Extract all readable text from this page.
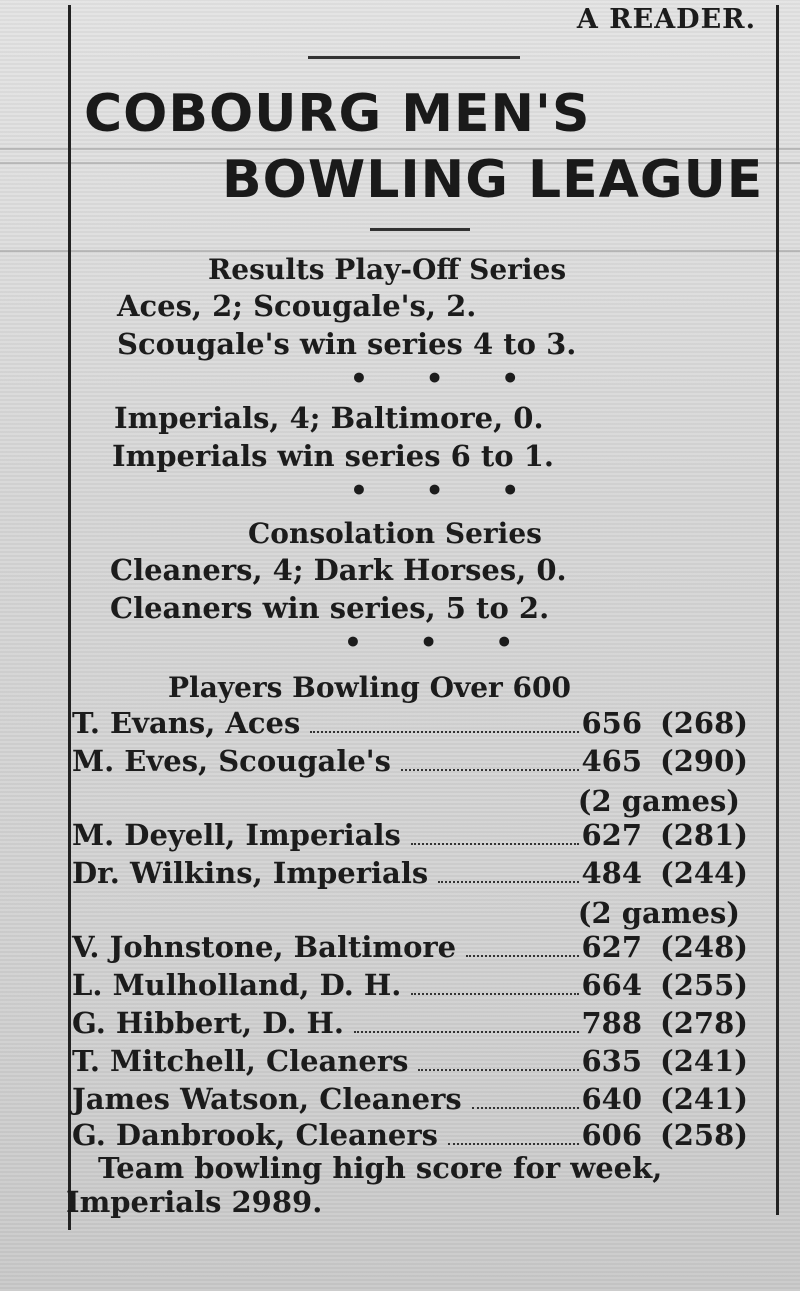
A READER.
COBOURG MEN'S
BOWLING LEAGUE
Results Play-Off Series
Aces, 2; Scougale's, 2.
Scougale's win series 4 to 3.
• • •
Imperials, 4; Baltimore, 0.
Imperials win series 6 to 1.
• • •
Consolation Series
Cleaners, 4; Dark Horses, 0.
Cleaners win series, 5 to 2.
• • •
Players Bowling Over 600
T. Evans, Aces	656 (268)
M. Eves, Scougale's	465 (290)
(2 games)
M. Deyell, Imperials	627 (281)
Dr. Wilkins, Imperials	484 (244)
(2 games)
V. Johnstone, Baltimore	627 (248)
L. Mulholland, D. H.	664 (255)
G. Hibbert, D. H.	788 (278)
T. Mitchell, Cleaners	635 (241)
James Watson, Cleaners	640 (241)
G. Danbrook, Cleaners	606 (258)
Team bowling high score for week,
Imperials 2989.
